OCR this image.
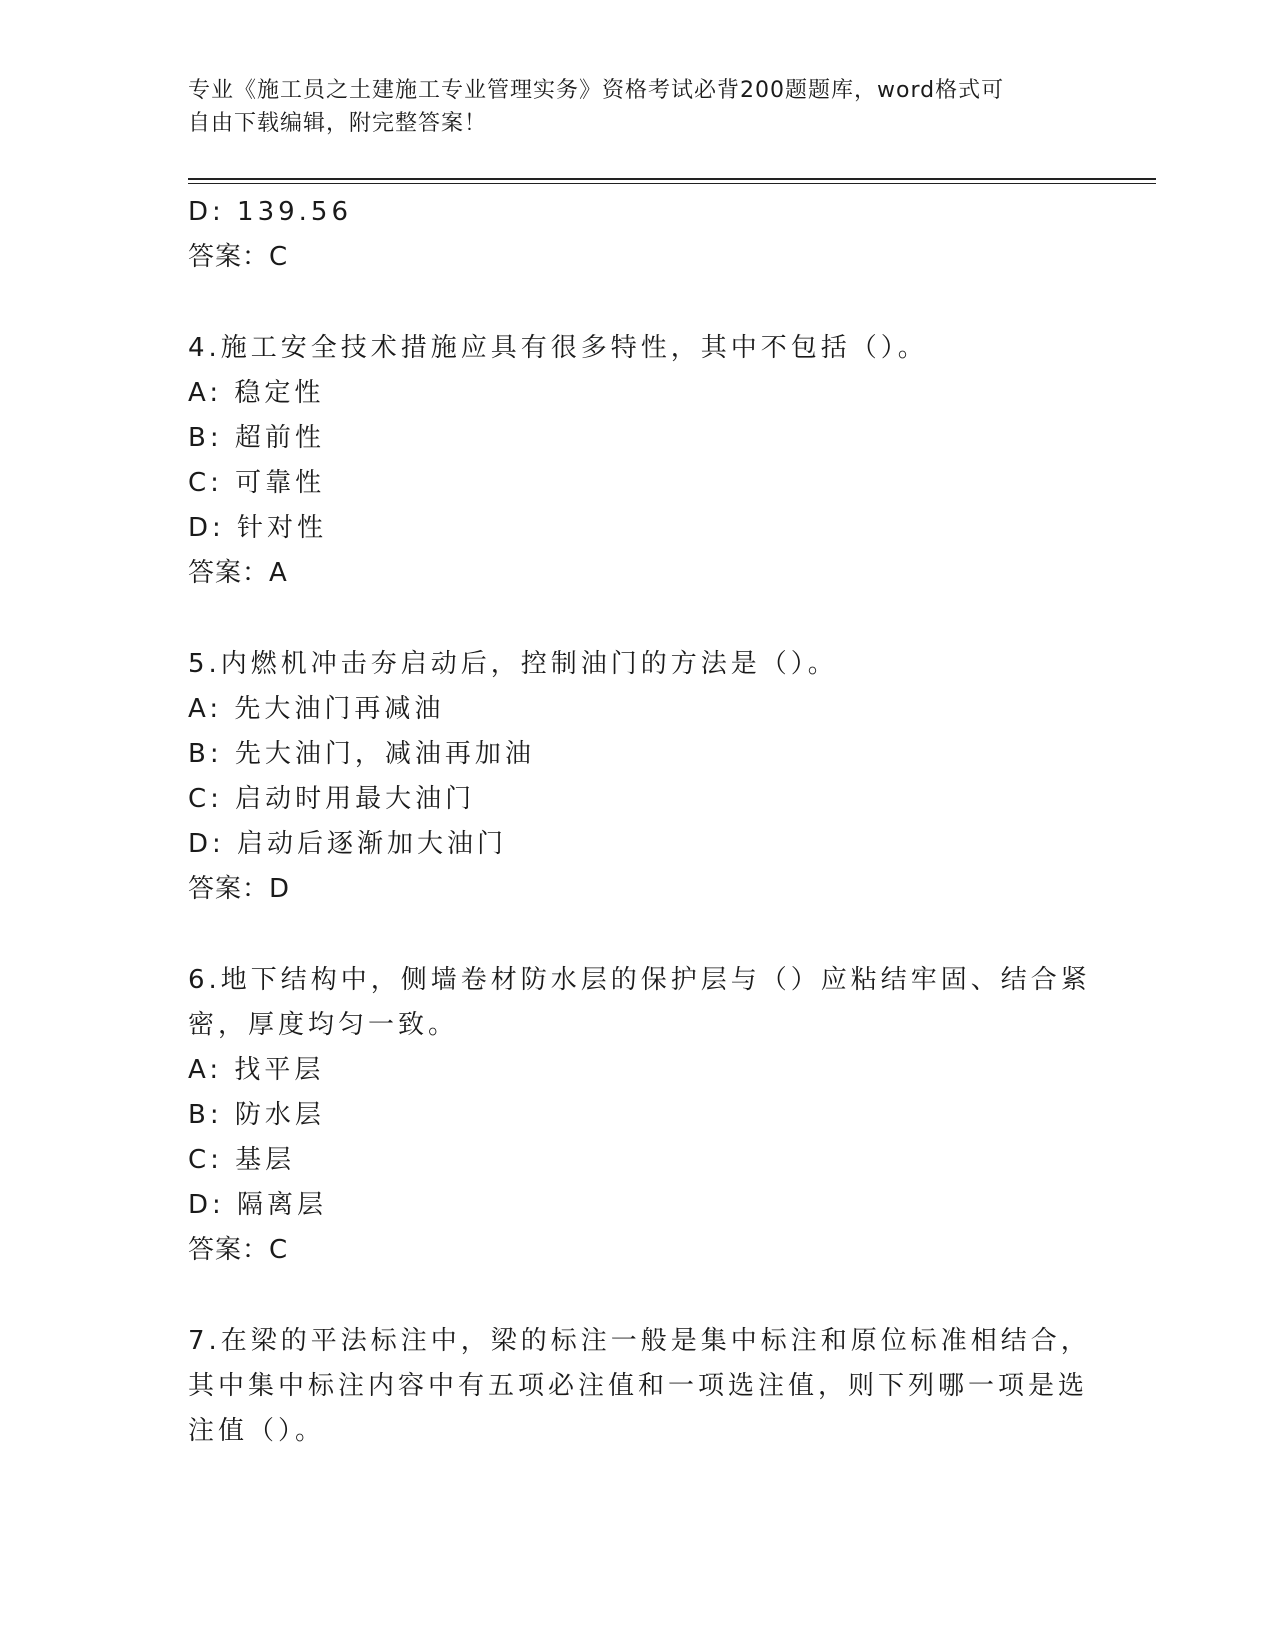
专业《施工员之土建施工专业管理实务》资格考试必背200题题库，word格式可
自由下载编辑，附完整答案！
D: 139.56
答案：C
4.施工安全技术措施应具有很多特性，其中不包括（）。
A: 稳定性
B: 超前性
C: 可靠性
D: 针对性
答案：A
5.内燃机冲击夯启动后，控制油门的方法是（）。
A: 先大油门再减油
B: 先大油门，减油再加油
C: 启动时用最大油门
D: 启动后逐渐加大油门
答案：D
6.地下结构中，侧墙卷材防水层的保护层与（）应粘结牢固、结合紧
密，厚度均匀一致。
A: 找平层
B: 防水层
C: 基层
D: 隔离层
答案：C
7.在梁的平法标注中，梁的标注一般是集中标注和原位标准相结合，
其中集中标注内容中有五项必注值和一项选注值，则下列哪一项是选
注值（）。
